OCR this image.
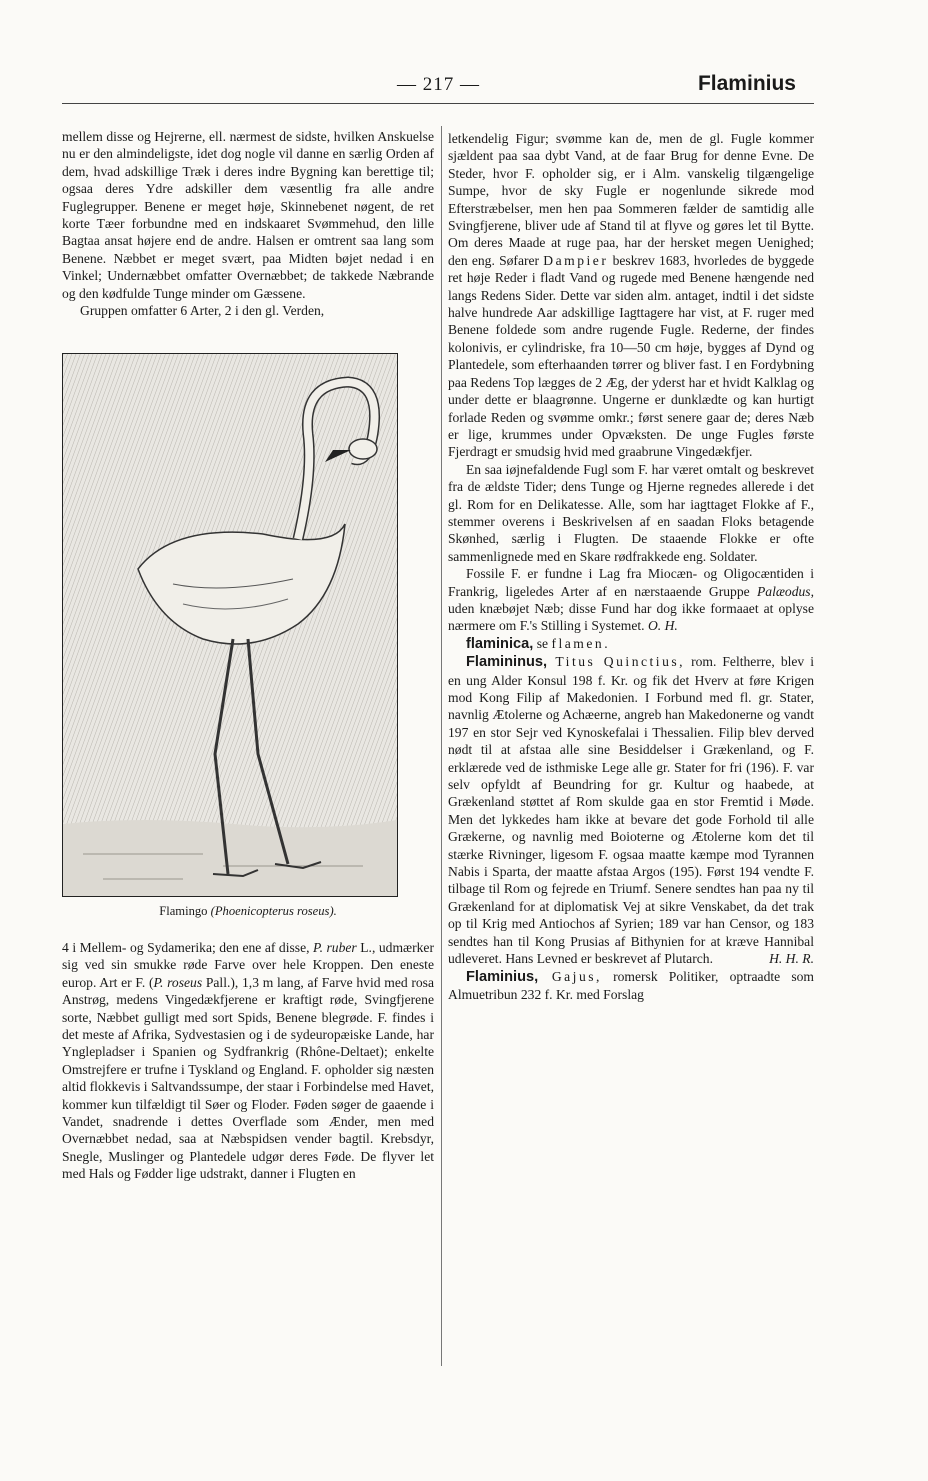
— 217 —	Flaminius

mellem disse og Hejrerne, ell. nærmest de sidste, hvilken Anskuelse nu er den almindeligste, idet dog nogle vil danne en særlig Orden af dem, hvad adskillige Træk i deres indre Bygning kan berettige til; ogsaa deres Ydre adskiller dem væsentlig fra alle andre Fuglegrupper. Benene er meget høje, Skinnebenet nøgent, de ret korte Tæer forbundne med en indskaaret Svømmehud, den lille Bagtaa ansat højere end de andre. Halsen er omtrent saa lang som Benene. Næbbet er meget svært, paa Midten bøjet nedad i en Vinkel; Undernæbbet omfatter Overnæbbet; de takkede Næbrande og den kødfulde Tunge minder om Gæssene.

Gruppen omfatter 6 Arter, 2 i den gl. Verden,

Flamingo (Phoenicopterus roseus).

4 i Mellem- og Sydamerika; den ene af disse, P. ruber L., udmærker sig ved sin smukke røde Farve over hele Kroppen. Den eneste europ. Art er F. (P. roseus Pall.), 1,3 m lang, af Farve hvid med rosa Anstrøg, medens Vingedækfjerene er kraftigt røde, Svingfjerene sorte, Næbbet gulligt med sort Spids, Benene blegrøde. F. findes i det meste af Afrika, Sydvestasien og i de sydeuropæiske Lande, har Ynglepladser i Spanien og Sydfrankrig (Rhône-Deltaet); enkelte Omstrejfere er trufne i Tyskland og England. F. opholder sig næsten altid flokkevis i Saltvandssumpe, der staar i Forbindelse med Havet, kommer kun tilfældigt til Søer og Floder. Føden søger de gaaende i Vandet, snadrende i dettes Overflade som Ænder, men med Overnæbbet nedad, saa at Næbspidsen vender bagtil. Krebsdyr, Snegle, Muslinger og Plantedele udgør deres Føde. De flyver let med Hals og Fødder lige udstrakt, danner i Flugten en

letkendelig Figur; svømme kan de, men de gl. Fugle kommer sjældent paa saa dybt Vand, at de faar Brug for denne Evne. De Steder, hvor F. opholder sig, er i Alm. vanskelig tilgængelige Sumpe, hvor de sky Fugle er nogenlunde sikrede mod Efterstræbelser, men hen paa Sommeren fælder de samtidig alle Svingfjerene, bliver ude af Stand til at flyve og gøres let til Bytte. Om deres Maade at ruge paa, har der hersket megen Uenighed; den eng. Søfarer Dampier beskrev 1683, hvorledes de byggede ret høje Reder i fladt Vand og rugede med Benene hængende ned langs Redens Sider. Dette var siden alm. antaget, indtil i det sidste halve hundrede Aar adskillige Iagttagere har vist, at F. ruger med Benene foldede som andre rugende Fugle. Rederne, der findes kolonivis, er cylindriske, fra 10—50 cm høje, bygges af Dynd og Plantedele, som efterhaanden tørrer og bliver fast. I en Fordybning paa Redens Top lægges de 2 Æg, der yderst har et hvidt Kalklag og under dette er blaagrønne. Ungerne er dunklædte og kan hurtigt forlade Reden og svømme omkr.; først senere gaar de; deres Næb er lige, krummes under Opvæksten. De unge Fugles første Fjerdragt er smudsig hvid med graabrune Vingedækfjer.

En saa iøjnefaldende Fugl som F. har været omtalt og beskrevet fra de ældste Tider; dens Tunge og Hjerne regnedes allerede i det gl. Rom for en Delikatesse. Alle, som har iagttaget Flokke af F., stemmer overens i Beskrivelsen af en saadan Floks betagende Skønhed, særlig i Flugten. De staaende Flokke er ofte sammenlignede med en Skare rødfrakkede eng. Soldater.

Fossile F. er fundne i Lag fra Miocæn- og Oligocæntiden i Frankrig, ligeledes Arter af en nærstaaende Gruppe Palæodus, uden knæbøjet Næb; disse Fund har dog ikke formaaet at oplyse nærmere om F.'s Stilling i Systemet. O. H.

flaminica, se flamen.

Flamininus, Titus Quinctius, rom. Feltherre, blev i en ung Alder Konsul 198 f. Kr. og fik det Hverv at føre Krigen mod Kong Filip af Makedonien. I Forbund med fl. gr. Stater, navnlig Ætolerne og Achæerne, angreb han Makedonerne og vandt 197 en stor Sejr ved Kynoskefalai i Thessalien. Filip blev derved nødt til at afstaa alle sine Besiddelser i Grækenland, og F. erklærede ved de isthmiske Lege alle gr. Stater for fri (196). F. var selv opfyldt af Beundring for gr. Kultur og haabede, at Grækenland støttet af Rom skulde gaa en stor Fremtid i Møde. Men det lykkedes ham ikke at bevare det gode Forhold til alle Grækerne, og navnlig med Boioterne og Ætolerne kom det til stærke Rivninger, ligesom F. ogsaa maatte kæmpe mod Tyrannen Nabis i Sparta, der maatte afstaa Argos (195). Først 194 vendte F. tilbage til Rom og fejrede en Triumf. Senere sendtes han paa ny til Grækenland for at diplomatisk Vej at sikre Venskabet, da det trak op til Krig med Antiochos af Syrien; 189 var han Censor, og 183 sendtes han til Kong Prusias af Bithynien for at kræve Hannibal udleveret. Hans Levned er beskrevet af Plutarch.	H. H. R.

Flaminius, Gajus, romersk Politiker, optraadte som Almuetribun 232 f. Kr. med Forslag
